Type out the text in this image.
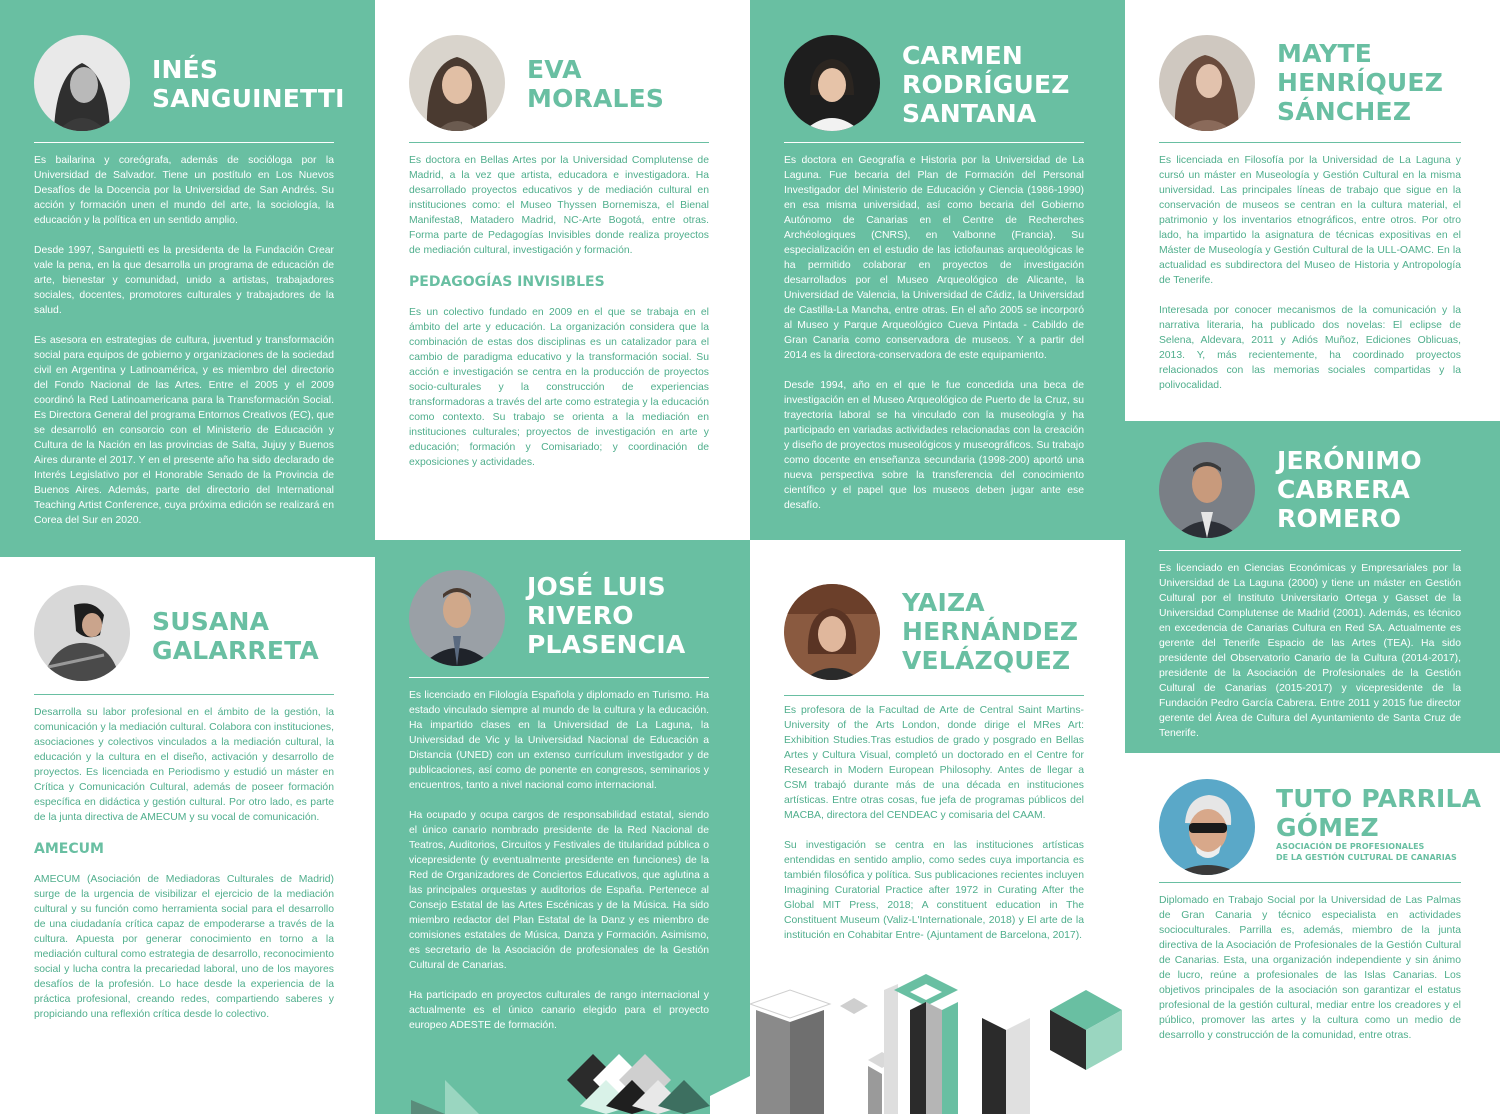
INÉS
SANGUINETTI

Es bailarina y coreógrafa, además de socióloga por la Universidad de Salvador. Tiene un postítulo en Los Nuevos Desafíos de la Docencia por la Universidad de San Andrés. Su acción y formación unen el mundo del arte, la sociología, la educación y la política en un sentido amplio.

Desde 1997, Sanguietti es la presidenta de la Fundación Crear vale la pena, en la que desarrolla un programa de educación de arte, bienestar y comunidad, unido a artistas, trabajadores sociales, docentes, promotores culturales y trabajadores de la salud.

Es asesora en estrategias de cultura, juventud y transformación social para equipos de gobierno y organizaciones de la sociedad civil en Argentina y Latinoamérica, y es miembro del directorio del Fondo Nacional de las Artes. Entre el 2005 y el 2009 coordinó la Red Latinoamericana para la Transformación Social. Es Directora General del programa Entornos Creativos (EC), que se desarrolló en consorcio con el Ministerio de Educación y Cultura de la Nación en las provincias de Salta, Jujuy y Buenos Aires durante el 2017. Y en el presente año ha sido declarado de Interés Legislativo por el Honorable Senado de la Provincia de Buenos Aires. Además, parte del directorio del International Teaching Artist Conference, cuya próxima edición se realizará en Corea del Sur en 2020.

EVA
MORALES

Es doctora en Bellas Artes por la Universidad Complutense de Madrid, a la vez que artista, educadora e investigadora. Ha desarrollado proyectos educativos y de mediación cultural en instituciones como: el Museo Thyssen Bornemisza, el Bienal Manifesta8, Matadero Madrid, NC-Arte Bogotá, entre otras. Forma parte de Pedagogías Invisibles donde realiza proyectos de mediación cultural, investigación y formación.

PEDAGOGÍAS INVISIBLES

Es un colectivo fundado en 2009 en el que se trabaja en el ámbito del arte y educación. La organización considera que la combinación de estas dos disciplinas es un catalizador para el cambio de paradigma educativo y la transformación social. Su acción e investigación se centra en la producción de proyectos socio-culturales y la construcción de experiencias transformadoras a través del arte como estrategia y la educación como contexto. Su trabajo se orienta a la mediación en instituciones culturales; proyectos de investigación en arte y educación; formación y Comisariado; y coordinación de exposiciones y actividades.

CARMEN
RODRÍGUEZ
SANTANA

Es doctora en Geografía e Historia por la Universidad de La Laguna. Fue becaria del Plan de Formación del Personal Investigador del Ministerio de Educación y Ciencia (1986-1990) en esa misma universidad, así como becaria del Gobierno Autónomo de Canarias en el Centre de Recherches Archéologiques (CNRS), en Valbonne (Francia). Su especialización en el estudio de las ictiofaunas arqueológicas le ha permitido colaborar en proyectos de investigación desarrollados por el Museo Arqueológico de Alicante, la Universidad de Valencia, la Universidad de Cádiz, la Universidad de Castilla-La Mancha, entre otras. En el año 2005 se incorporó al Museo y Parque Arqueológico Cueva Pintada - Cabildo de Gran Canaria como conservadora de museos. Y a partir del 2014 es la directora-conservadora de este equipamiento.

Desde 1994, año en el que le fue concedida una beca de investigación en el Museo Arqueológico de Puerto de la Cruz, su trayectoria laboral se ha vinculado con la museología y ha participado en variadas actividades relacionadas con la creación y diseño de proyectos museológicos y museográficos. Su trabajo como docente en enseñanza secundaria (1998-200) aportó una nueva perspectiva sobre la transferencia del conocimiento científico y el papel que los museos deben jugar ante ese desafío.

MAYTE
HENRÍQUEZ
SÁNCHEZ

Es licenciada en Filosofía por la Universidad de La Laguna y cursó un máster en Museología y Gestión Cultural en la misma universidad. Las principales líneas de trabajo que sigue en la conservación de museos se centran en la cultura material, el patrimonio y los inventarios etnográficos, entre otros. Por otro lado, ha impartido la asignatura de técnicas expositivas en el Máster de Museología y Gestión Cultural de la ULL-OAMC. En la actualidad es subdirectora del Museo de Historia y Antropología de Tenerife.

Interesada por conocer mecanismos de la comunicación y la narrativa literaria, ha publicado dos novelas: El eclipse de Selena, Aldevara, 2011 y Adiós Muñoz, Ediciones Oblicuas, 2013. Y, más recientemente, ha coordinado proyectos relacionados con las memorias sociales compartidas y la polivocalidad.

JERÓNIMO
CABRERA
ROMERO

Es licenciado en Ciencias Económicas y Empresariales por la Universidad de La Laguna (2000) y tiene un máster en Gestión Cultural por el Instituto Universitario Ortega y Gasset de la Universidad Complutense de Madrid (2001). Además, es técnico en excedencia de Canarias Cultura en Red SA. Actualmente es gerente del Tenerife Espacio de las Artes (TEA). Ha sido presidente del Observatorio Canario de la Cultura (2014-2017), presidente de la Asociación de Profesionales de la Gestión Cultural de Canarias (2015-2017) y vicepresidente de la Fundación Pedro García Cabrera. Entre 2011 y 2015 fue director gerente del Área de Cultura del Ayuntamiento de Santa Cruz de Tenerife.

SUSANA
GALARRETA

Desarrolla su labor profesional en el ámbito de la gestión, la comunicación y la mediación cultural. Colabora con instituciones, asociaciones y colectivos vinculados a la mediación cultural, la educación y la cultura en el diseño, activación y desarrollo de proyectos. Es licenciada en Periodismo y estudió un máster en Crítica y Comunicación Cultural, además de poseer formación específica en didáctica y gestión cultural. Por otro lado, es parte de la junta directiva de AMECUM y su vocal de comunicación.

AMECUM

AMECUM (Asociación de Mediadoras Culturales de Madrid) surge de la urgencia de visibilizar el ejercicio de la mediación cultural y su función como herramienta social para el desarrollo de una ciudadanía crítica capaz de empoderarse a través de la cultura. Apuesta por generar conocimiento en torno a la mediación cultural como estrategia de desarrollo, reconocimiento social y lucha contra la precariedad laboral, uno de los mayores desafíos de la profesión. Lo hace desde la experiencia de la práctica profesional, creando redes, compartiendo saberes y propiciando una reflexión crítica desde lo colectivo.

JOSÉ LUIS
RIVERO
PLASENCIA

Es licenciado en Filología Española y diplomado en Turismo. Ha estado vinculado siempre al mundo de la cultura y la educación. Ha impartido clases en la Universidad de La Laguna, la Universidad de Vic y la Universidad Nacional de Educación a Distancia (UNED) con un extenso currículum investigador y de publicaciones, así como de ponente en congresos, seminarios y encuentros, tanto a nivel nacional como internacional.

Ha ocupado y ocupa cargos de responsabilidad estatal, siendo el único canario nombrado presidente de la Red Nacional de Teatros, Auditorios, Circuitos y Festivales de titularidad pública o vicepresidente (y eventualmente presidente en funciones) de la Red de Organizadores de Conciertos Educativos, que aglutina a las principales orquestas y auditorios de España. Pertenece al Consejo Estatal de las Artes Escénicas y de la Música. Ha sido miembro redactor del Plan Estatal de la Danz y es miembro de comisiones estatales de Música, Danza y Formación. Asimismo, es secretario de la Asociación de profesionales de la Gestión Cultural de Canarias.

Ha participado en proyectos culturales de rango internacional y actualmente es el único canario elegido para el proyecto europeo ADESTE de formación.

YAIZA
HERNÁNDEZ
VELÁZQUEZ

Es profesora de la Facultad de Arte de Central Saint Martins-University of the Arts London, donde dirige el MRes Art: Exhibition Studies.Tras estudios de grado y posgrado en Bellas Artes y Cultura Visual, completó un doctorado en el Centre for Research in Modern European Philosophy. Antes de llegar a CSM trabajó durante más de una década en instituciones artísticas. Entre otras cosas, fue jefa de programas públicos del MACBA, directora del CENDEAC y comisaria del CAAM.

Su investigación se centra en las instituciones artísticas entendidas en sentido amplio, como sedes cuya importancia es también filosófica y política. Sus publicaciones recientes incluyen Imagining Curatorial Practice after 1972 in Curating After the Global MIT Press, 2018; A constituent education in The Constituent Museum (Valiz-L'Internationale, 2018) y El arte de la institución en Cohabitar Entre- (Ajuntament de Barcelona, 2017).

TUTO PARRILA
GÓMEZ
ASOCIACIÓN DE PROFESIONALES
DE LA GESTIÓN CULTURAL DE CANARIAS

Diplomado en Trabajo Social por la Universidad de Las Palmas de Gran Canaria y técnico especialista en actividades socioculturales. Parrilla es, además, miembro de la junta directiva de la Asociación de Profesionales de la Gestión Cultural de Canarias. Esta, una organización independiente y sin ánimo de lucro, reúne a profesionales de las Islas Canarias. Los objetivos principales de la asociación son garantizar el estatus profesional de la gestión cultural, mediar entre los creadores y el público, promover las artes y la cultura como un medio de desarrollo y construcción de la comunidad, entre otras.
